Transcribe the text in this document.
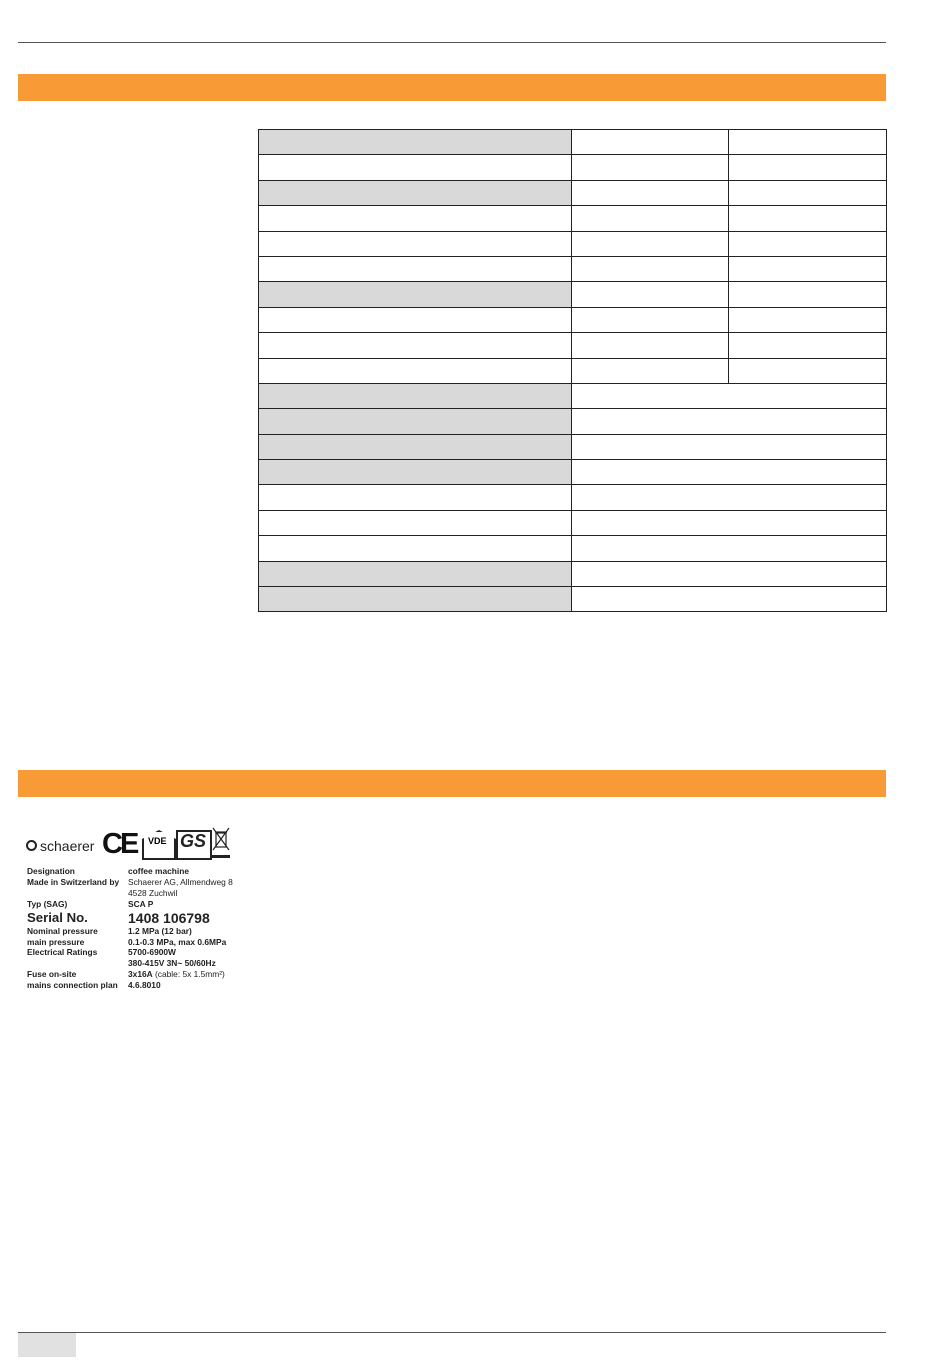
schaerer CE VDE GS
Designation	coffee machine
Made in Switzerland by	Schaerer AG, Allmendweg 8
4528 Zuchwil
Typ (SAG)	SCA P
Serial No.	1408 106798
Nominal pressure	1.2 MPa (12 bar)
main pressure	0.1-0.3 MPa, max 0.6MPa
Electrical Ratings	5700-6900W
380-415V 3N~ 50/60Hz
Fuse on-site	3x16A (cable: 5x 1.5mm²)
mains connection plan	4.6.8010
